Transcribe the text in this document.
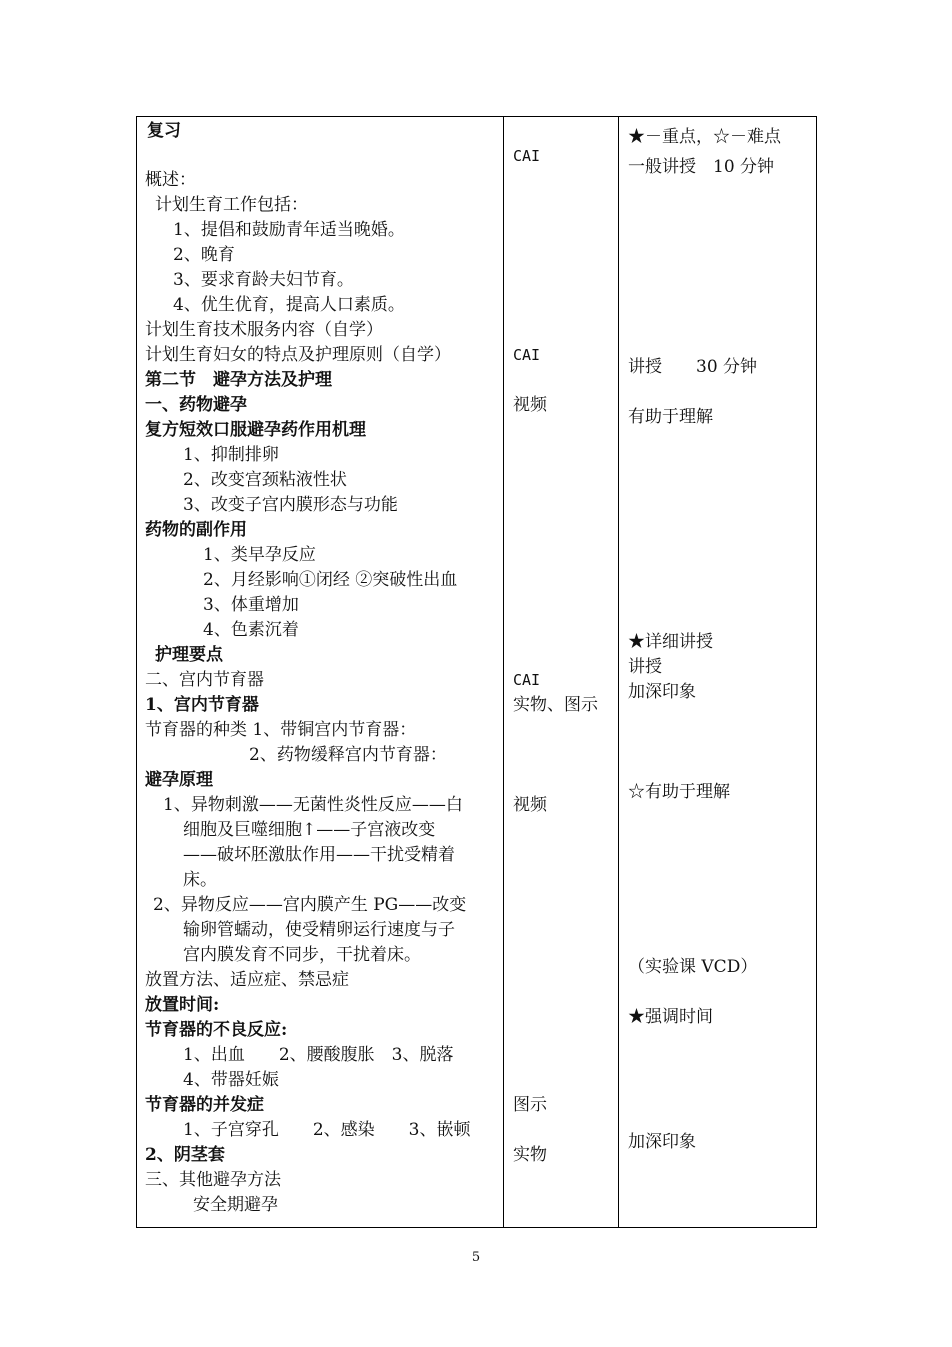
复习
概述：
计划生育工作包括：
1、提倡和鼓励青年适当晚婚。
2、晚育
3、要求育龄夫妇节育。
4、优生优育，提高人口素质。
计划生育技术服务内容（自学）
计划生育妇女的特点及护理原则（自学）
第二节　避孕方法及护理
一、药物避孕
复方短效口服避孕药作用机理
1、抑制排卵
2、改变宫颈粘液性状
3、改变子宫内膜形态与功能
药物的副作用
1、类早孕反应
2、月经影响①闭经 ②突破性出血
3、体重增加
4、色素沉着
护理要点
二、宫内节育器
1、宫内节育器
节育器的种类 1、带铜宫内节育器：
2、药物缓释宫内节育器：
避孕原理
1、异物刺激——无菌性炎性反应——白
细胞及巨噬细胞↑——子宫液改变
——破坏胚激肽作用——干扰受精着
床。
2、异物反应——宫内膜产生 PG——改变
输卵管蠕动，使受精卵运行速度与子
宫内膜发育不同步，干扰着床。
放置方法、适应症、禁忌症
放置时间:
节育器的不良反应:
1、出血　　2、腰酸腹胀　3、脱落
4、带器妊娠
节育器的并发症
1、子宫穿孔　　2、感染　　3、嵌顿
2、阴茎套
三、其他避孕方法
安全期避孕
CAI
CAI
视频
CAI
实物、图示
视频
图示
实物
★－重点，☆－难点
一般讲授　10 分钟
讲授　　30 分钟
有助于理解
★详细讲授
讲授
加深印象
☆有助于理解
（实验课 VCD）
★强调时间
加深印象
5
